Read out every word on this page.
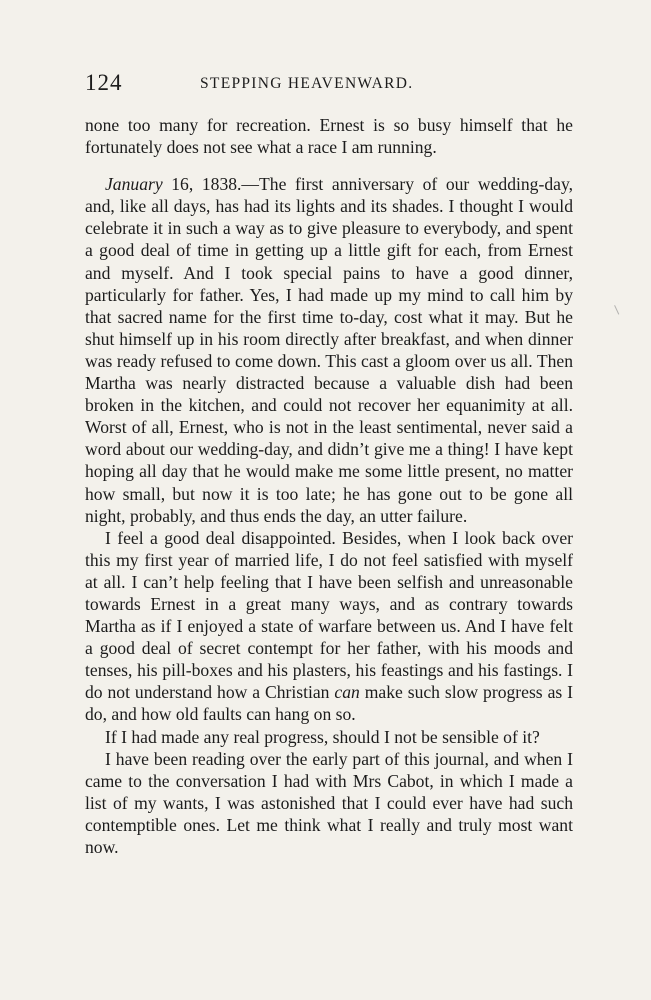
124	STEPPING HEAVENWARD.

none too many for recreation. Ernest is so busy himself that he fortunately does not see what a race I am running.

January 16, 1838.—The first anniversary of our wedding-day, and, like all days, has had its lights and its shades. I thought I would celebrate it in such a way as to give pleasure to everybody, and spent a good deal of time in getting up a little gift for each, from Ernest and myself. And I took special pains to have a good dinner, particularly for father. Yes, I had made up my mind to call him by that sacred name for the first time to-day, cost what it may. But he shut himself up in his room directly after breakfast, and when dinner was ready refused to come down. This cast a gloom over us all. Then Martha was nearly distracted because a valuable dish had been broken in the kitchen, and could not recover her equanimity at all. Worst of all, Ernest, who is not in the least sentimental, never said a word about our wedding-day, and didn’t give me a thing! I have kept hoping all day that he would make me some little present, no matter how small, but now it is too late; he has gone out to be gone all night, probably, and thus ends the day, an utter failure.

I feel a good deal disappointed. Besides, when I look back over this my first year of married life, I do not feel satisfied with myself at all. I can’t help feeling that I have been selfish and unreasonable towards Ernest in a great many ways, and as contrary towards Martha as if I enjoyed a state of warfare between us. And I have felt a good deal of secret contempt for her father, with his moods and tenses, his pill-boxes and his plasters, his feastings and his fastings. I do not understand how a Christian can make such slow progress as I do, and how old faults can hang on so.

If I had made any real progress, should I not be sensible of it?

I have been reading over the early part of this journal, and when I came to the conversation I had with Mrs Cabot, in which I made a list of my wants, I was astonished that I could ever have had such contemptible ones. Let me think what I really and truly most want now.
